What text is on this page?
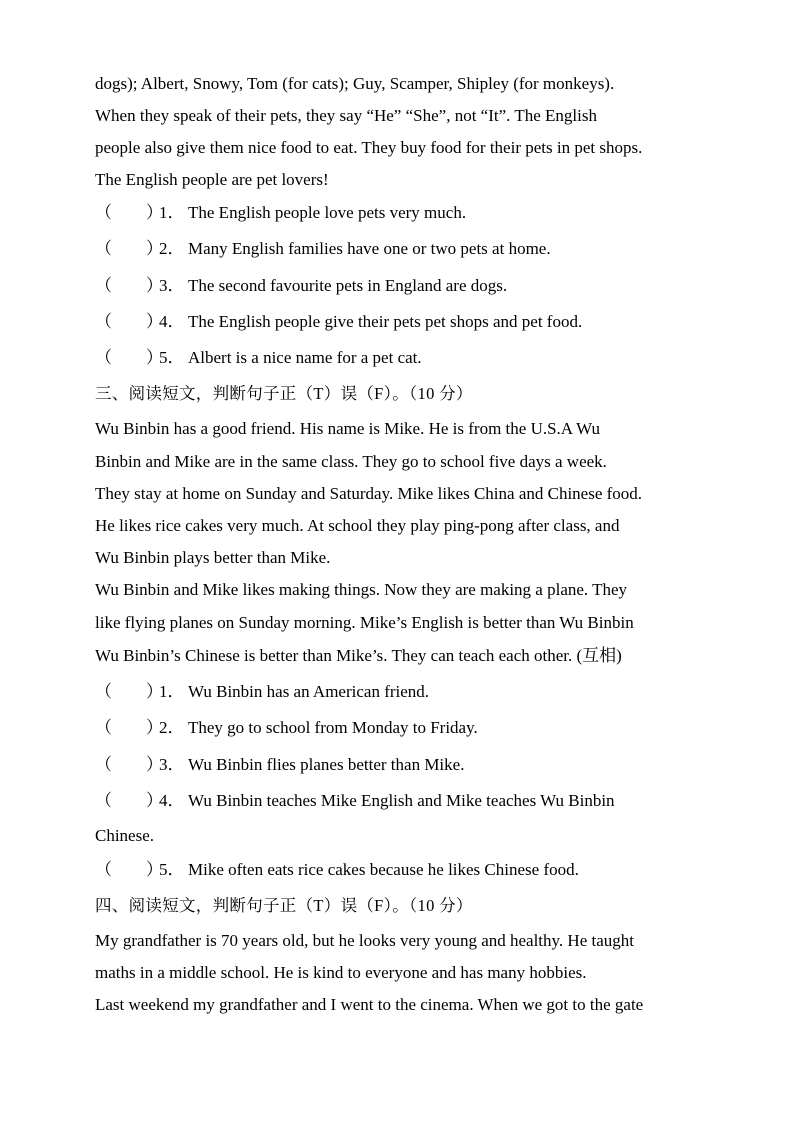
dogs); Albert, Snowy, Tom (for cats); Guy, Scamper, Shipley (for monkeys).
When they speak of their pets, they say “He” “She”, not “It”. The English
people also give them nice food to eat. They buy food for their pets in pet shops.
The English people are pet lovers!
（　　）1． The English people love pets very much.
（　　）2． Many English families have one or two pets at home.
（　　）3． The second favourite pets in England are dogs.
（　　）4． The English people give their pets pet shops and pet food.
（　　）5． Albert is a nice name for a pet cat.
三、阅读短文，判断句子正（T）误（F）。（10 分）
Wu Binbin has a good friend. His name is Mike. He is from the U.S.A Wu
Binbin and Mike are in the same class. They go to school five days a week.
They stay at home on Sunday and Saturday. Mike likes China and Chinese food.
He likes rice cakes very much. At school they play ping-pong after class, and
Wu Binbin plays better than Mike.
Wu Binbin and Mike likes making things. Now they are making a plane. They
like flying planes on Sunday morning. Mike’s English is better than Wu Binbin
Wu Binbin’s Chinese is better than Mike’s. They can teach each other. (互相)
（　　）1． Wu Binbin has an American friend.
（　　）2． They go to school from Monday to Friday.
（　　）3． Wu Binbin flies planes better than Mike.
（　　）4． Wu Binbin teaches Mike English and Mike teaches Wu Binbin
Chinese.
（　　）5． Mike often eats rice cakes because he likes Chinese food.
四、阅读短文，判断句子正（T）误（F）。（10 分）
My grandfather is 70 years old, but he looks very young and healthy. He taught
maths in a middle school. He is kind to everyone and has many hobbies.
Last weekend my grandfather and I went to the cinema. When we got to the gate
